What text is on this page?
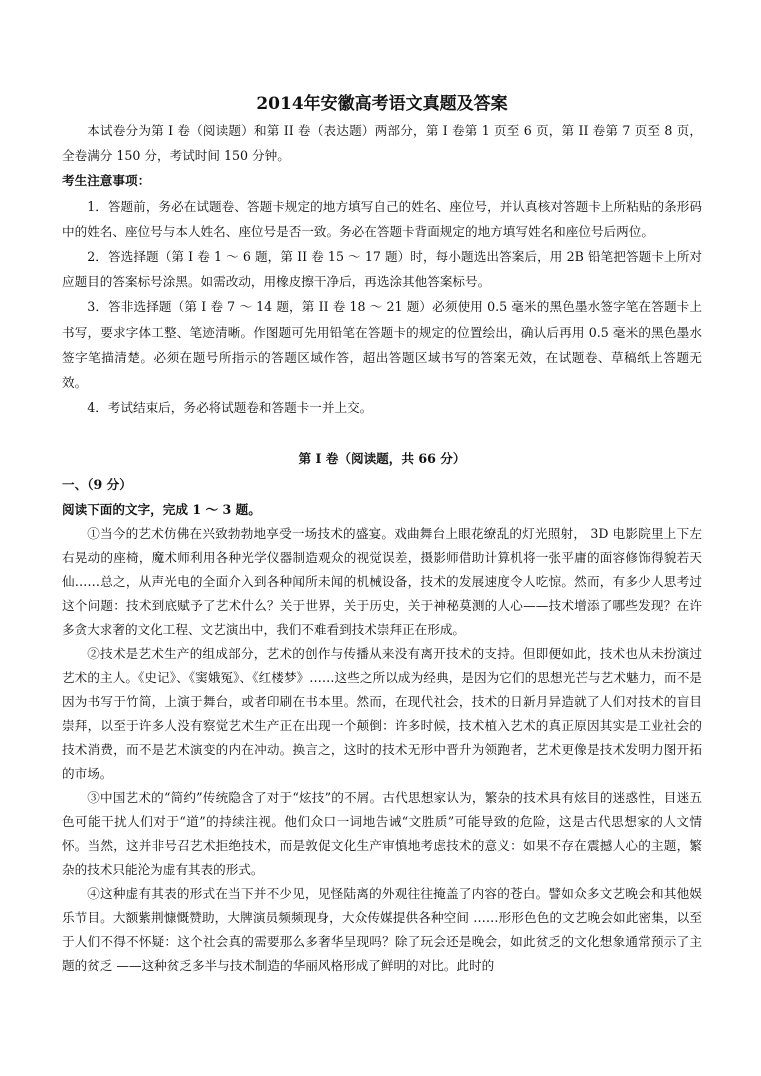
2014年安徽高考语文真题及答案

本试卷分为第 I 卷（阅读题）和第 II 卷（表达题）两部分，第 I 卷第 1 页至 6 页，第 II 卷第 7 页至 8 页，全卷满分 150 分，考试时间 150 分钟。

考生注意事项：

1．答题前，务必在试题卷、答题卡规定的地方填写自己的姓名、座位号，并认真核对答题卡上所粘贴的条形码中的姓名、座位号与本人姓名、座位号是否一致。务必在答题卡背面规定的地方填写姓名和座位号后两位。

2．答选择题（第 I 卷 1 ～ 6 题，第 II 卷 15 ～ 17 题）时，每小题选出答案后，用 2B 铅笔把答题卡上所对应题目的答案标号涂黑。如需改动，用橡皮擦干净后，再选涂其他答案标号。

3．答非选择题（第 I 卷 7 ～ 14 题，第 II 卷 18 ～ 21 题）必须使用 0.5 毫米的黑色墨水签字笔在答题卡上书写，要求字体工整、笔迹清晰。作图题可先用铅笔在答题卡的规定的位置绘出，确认后再用 0.5 毫米的黑色墨水签字笔描清楚。必须在题号所指示的答题区域作答，超出答题区域书写的答案无效，在试题卷、草稿纸上答题无效。

4．考试结束后，务必将试题卷和答题卡一并上交。

第 I 卷（阅读题，共 66 分）

一、（9 分）

阅读下面的文字，完成 1 ～ 3 题。

①当今的艺术仿佛在兴致勃勃地享受一场技术的盛宴。戏曲舞台上眼花缭乱的灯光照射， 3D 电影院里上下左右晃动的座椅，魔术师利用各种光学仪器制造观众的视觉误差，摄影师借助计算机将一张平庸的面容修饰得貌若天仙……总之，从声光电的全面介入到各种闻所未闻的机械设备，技术的发展速度令人吃惊。然而，有多少人思考过这个问题：技术到底赋予了艺术什么？关于世界，关于历史，关于神秘莫测的人心——技术增添了哪些发现？在许多贪大求奢的文化工程、文艺演出中，我们不难看到技术崇拜正在形成。

②技术是艺术生产的组成部分，艺术的创作与传播从来没有离开技术的支持。但即便如此，技术也从未扮演过艺术的主人。《史记》、《窦娥冤》、《红楼梦》……这些之所以成为经典，是因为它们的思想光芒与艺术魅力，而不是因为书写于竹简，上演于舞台，或者印刷在书本里。然而，在现代社会，技术的日新月异造就了人们对技术的盲目崇拜，以至于许多人没有察觉艺术生产正在出现一个颠倒：许多时候，技术植入艺术的真正原因其实是工业社会的技术消费，而不是艺术演变的内在冲动。换言之，这时的技术无形中晋升为领跑者，艺术更像是技术发明力图开拓的市场。

③中国艺术的“简约”传统隐含了对于“炫技”的不屑。古代思想家认为，繁杂的技术具有炫目的迷惑性，目迷五色可能干扰人们对于“道”的持续注视。他们众口一词地告诫“文胜质”可能导致的危险，这是古代思想家的人文情怀。当然，这并非号召艺术拒绝技术，而是敦促文化生产审慎地考虑技术的意义：如果不存在震撼人心的主题，繁杂的技术只能沦为虚有其表的形式。

④这种虚有其表的形式在当下并不少见，见怪陆离的外观往往掩盖了内容的苍白。譬如众多文艺晚会和其他娱乐节目。大额紫荆慷慨赞助，大牌演员频频现身，大众传媒提供各种空间 ……形形色色的文艺晚会如此密集，以至于人们不得不怀疑：这个社会真的需要那么多奢华呈现吗？除了玩会还是晚会，如此贫乏的文化想象通常预示了主题的贫乏 ——这种贫乏多半与技术制造的华丽风格形成了鲜明的对比。此时的
